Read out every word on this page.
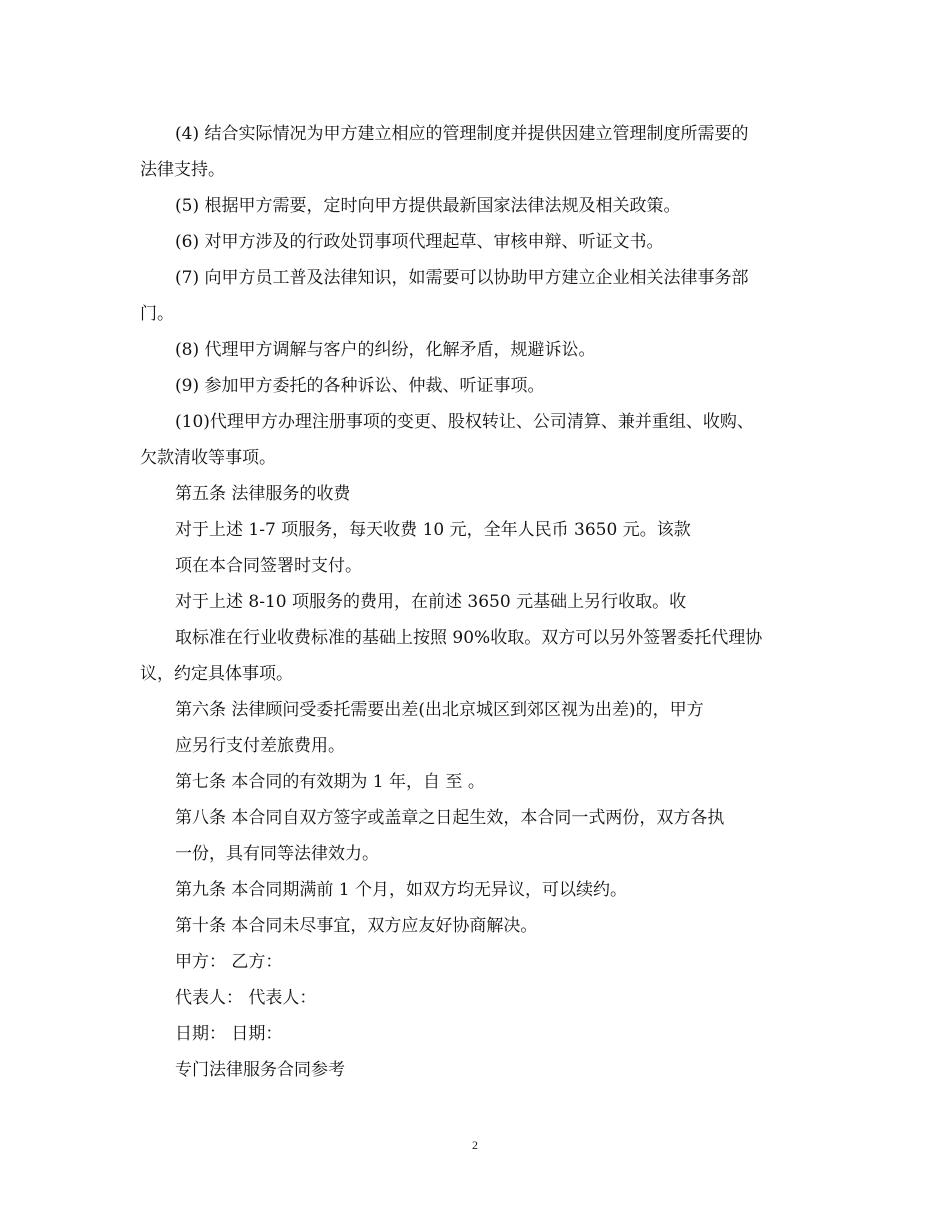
(4) 结合实际情况为甲方建立相应的管理制度并提供因建立管理制度所需要的
法律支持。
(5) 根据甲方需要，定时向甲方提供最新国家法律法规及相关政策。
(6) 对甲方涉及的行政处罚事项代理起草、审核申辩、听证文书。
(7) 向甲方员工普及法律知识，如需要可以协助甲方建立企业相关法律事务部
门。
(8) 代理甲方调解与客户的纠纷，化解矛盾，规避诉讼。
(9) 参加甲方委托的各种诉讼、仲裁、听证事项。
(10)代理甲方办理注册事项的变更、股权转让、公司清算、兼并重组、收购、
欠款清收等事项。
第五条 法律服务的收费
对于上述 1-7 项服务，每天收费 10 元，全年人民币 3650 元。该款
项在本合同签署时支付。
对于上述 8-10 项服务的费用，在前述 3650 元基础上另行收取。收
取标准在行业收费标准的基础上按照 90%收取。双方可以另外签署委托代理协
议，约定具体事项。
第六条 法律顾问受委托需要出差(出北京城区到郊区视为出差)的，甲方
应另行支付差旅费用。
第七条 本合同的有效期为 1 年，自 至 。
第八条 本合同自双方签字或盖章之日起生效，本合同一式两份，双方各执
一份，具有同等法律效力。
第九条 本合同期满前 1 个月，如双方均无异议，可以续约。
第十条 本合同未尽事宜，双方应友好协商解决。
甲方： 乙方：
代表人： 代表人：
日期： 日期：
专门法律服务合同参考
2
